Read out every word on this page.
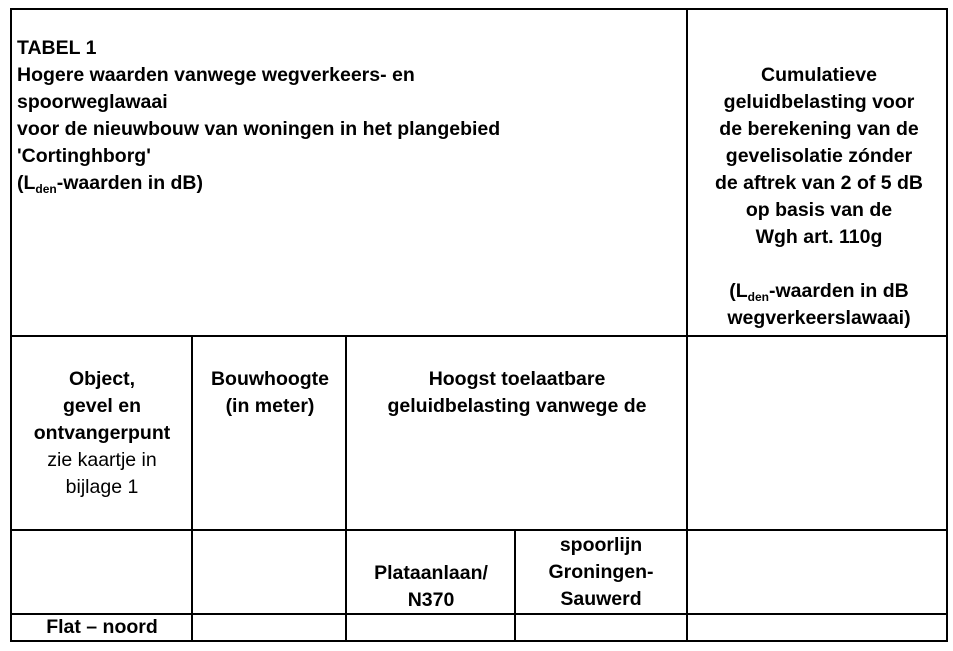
TABEL 1
Hogere waarden vanwege wegverkeers- en
spoorweglawaai
voor de nieuwbouw van woningen in het plangebied
'Cortinghborg'
($L_{den}$-waarden in dB)
Cumulatieve
geluidbelasting voor
de berekening van de
gevelisolatie zónder
de aftrek van 2 of 5 dB
op basis van de
Wgh art. 110g
($L_{den}$-waarden in dB
wegverkeerslawaai)
Object,
gevel en
ontvangerpunt
zie kaartje in
bijlage 1
Bouwhoogte
(in meter)
Hoogst toelaatbare
geluidbelasting vanwege de
Plataanlaan/
N370
spoorlijn
Groningen-
Sauwerd
Flat – noord
